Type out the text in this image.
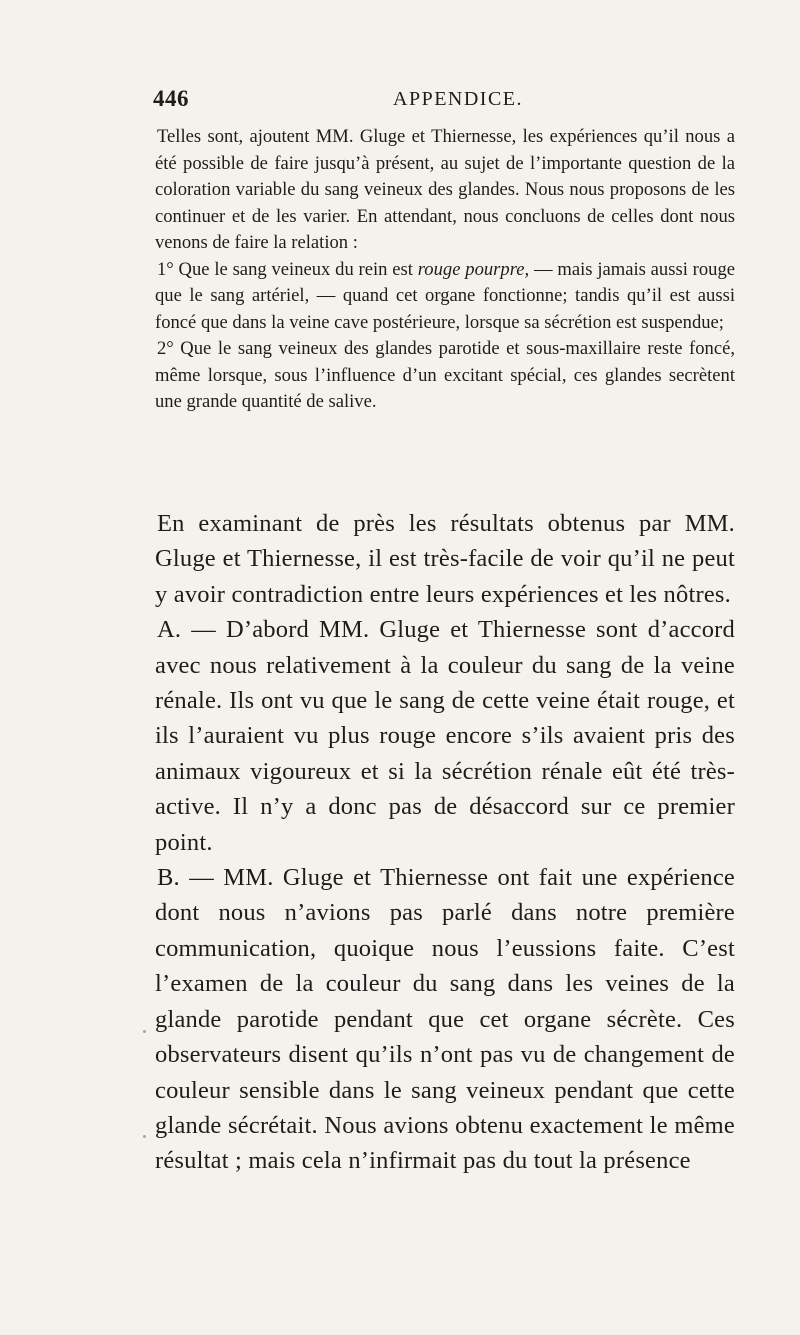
446	APPENDICE.

Telles sont, ajoutent MM. Gluge et Thiernesse, les expériences qu’il nous a été possible de faire jusqu’à présent, au sujet de l’importante question de la coloration variable du sang veineux des glandes. Nous nous proposons de les continuer et de les varier. En attendant, nous concluons de celles dont nous venons de faire la relation :

1° Que le sang veineux du rein est rouge pourpre, — mais jamais aussi rouge que le sang artériel, — quand cet organe fonctionne; tandis qu’il est aussi foncé que dans la veine cave postérieure, lorsque sa sécrétion est suspendue;

2° Que le sang veineux des glandes parotide et sous-maxillaire reste foncé, même lorsque, sous l’influence d’un excitant spécial, ces glandes secrètent une grande quantité de salive.

En examinant de près les résultats obtenus par MM. Gluge et Thiernesse, il est très-facile de voir qu’il ne peut y avoir contradiction entre leurs expériences et les nôtres.

A. — D’abord MM. Gluge et Thiernesse sont d’accord avec nous relativement à la couleur du sang de la veine rénale. Ils ont vu que le sang de cette veine était rouge, et ils l’auraient vu plus rouge encore s’ils avaient pris des animaux vigoureux et si la sécrétion rénale eût été très-active. Il n’y a donc pas de désaccord sur ce premier point.

B. — MM. Gluge et Thiernesse ont fait une expérience dont nous n’avions pas parlé dans notre première communication, quoique nous l’eussions faite. C’est l’examen de la couleur du sang dans les veines de la glande parotide pendant que cet organe sécrète. Ces observateurs disent qu’ils n’ont pas vu de changement de couleur sensible dans le sang veineux pendant que cette glande sécrétait. Nous avions obtenu exactement le même résultat ; mais cela n’infirmait pas du tout la présence
